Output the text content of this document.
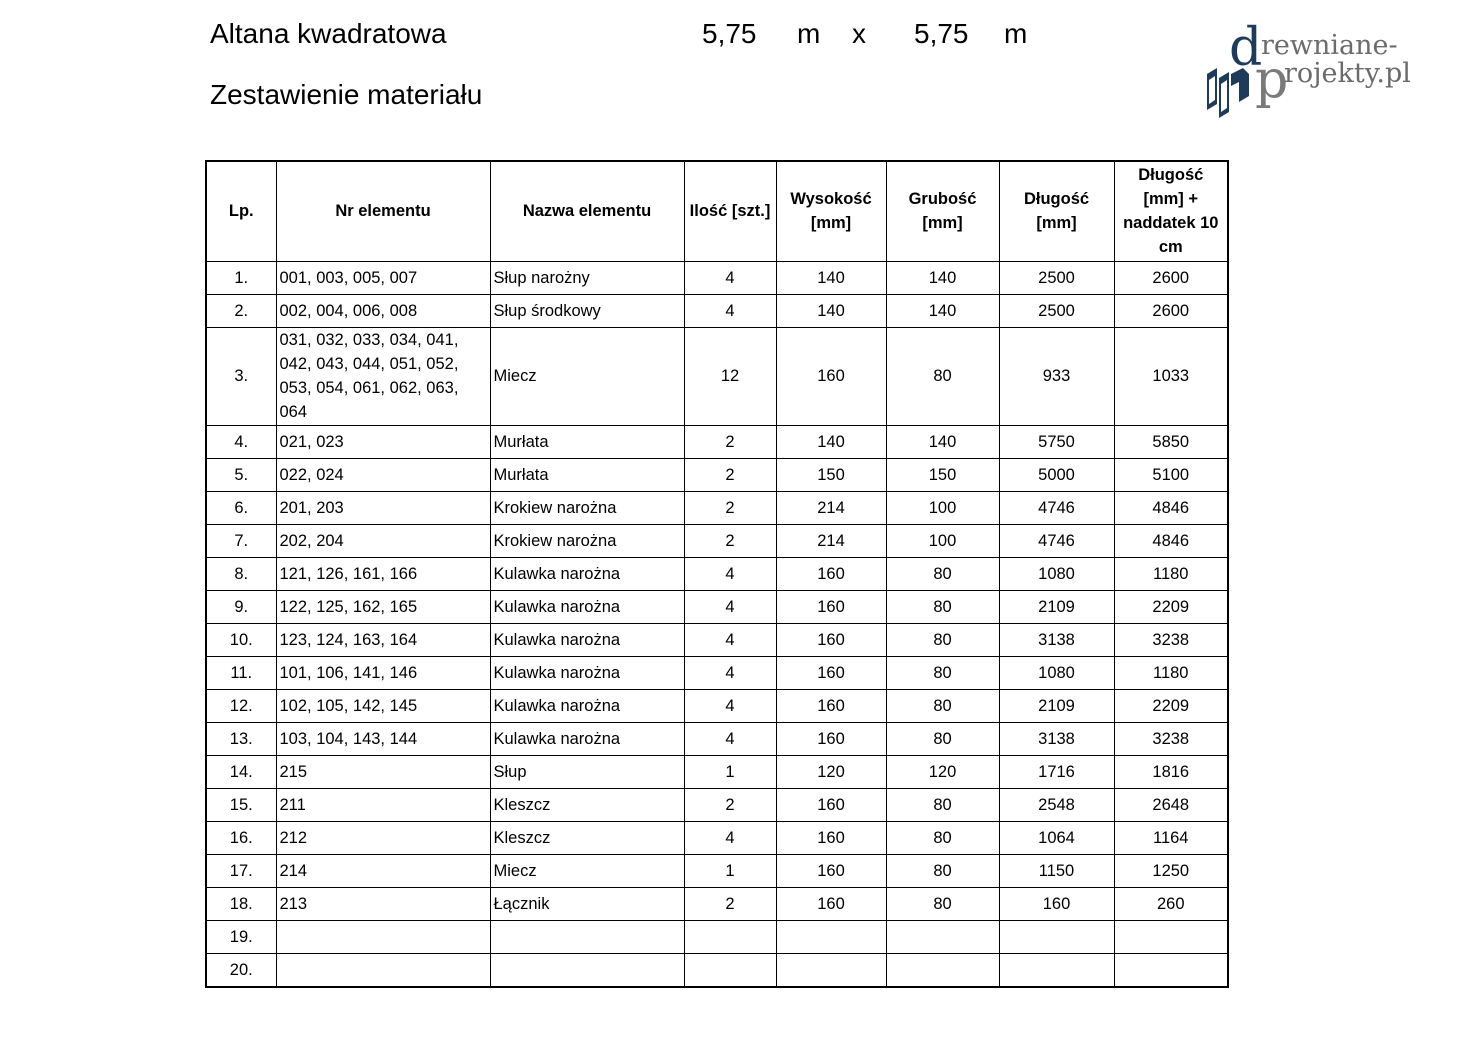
Altana kwadratowa	5,75 m x 5,75 m
Zestawienie materiału
d
rewniane-
p
rojekty.pl
Lp.	Nr elementu	Nazwa elementu	Ilość [szt.]	Wysokość [mm]	Grubość [mm]	Długość [mm]	Długość [mm] + naddatek 10 cm
1.	001, 003, 005, 007	Słup narożny	4	140	140	2500	2600
2.	002, 004, 006, 008	Słup środkowy	4	140	140	2500	2600
3.	031, 032, 033, 034, 041, 042, 043, 044, 051, 052, 053, 054, 061, 062, 063, 064	Miecz	12	160	80	933	1033
4.	021, 023	Murłata	2	140	140	5750	5850
5.	022, 024	Murłata	2	150	150	5000	5100
6.	201, 203	Krokiew narożna	2	214	100	4746	4846
7.	202, 204	Krokiew narożna	2	214	100	4746	4846
8.	121, 126, 161, 166	Kulawka narożna	4	160	80	1080	1180
9.	122, 125, 162, 165	Kulawka narożna	4	160	80	2109	2209
10.	123, 124, 163, 164	Kulawka narożna	4	160	80	3138	3238
11.	101, 106, 141, 146	Kulawka narożna	4	160	80	1080	1180
12.	102, 105, 142, 145	Kulawka narożna	4	160	80	2109	2209
13.	103, 104, 143, 144	Kulawka narożna	4	160	80	3138	3238
14.	215	Słup	1	120	120	1716	1816
15.	211	Kleszcz	2	160	80	2548	2648
16.	212	Kleszcz	4	160	80	1064	1164
17.	214	Miecz	1	160	80	1150	1250
18.	213	Łącznik	2	160	80	160	260
19.							
20.							
